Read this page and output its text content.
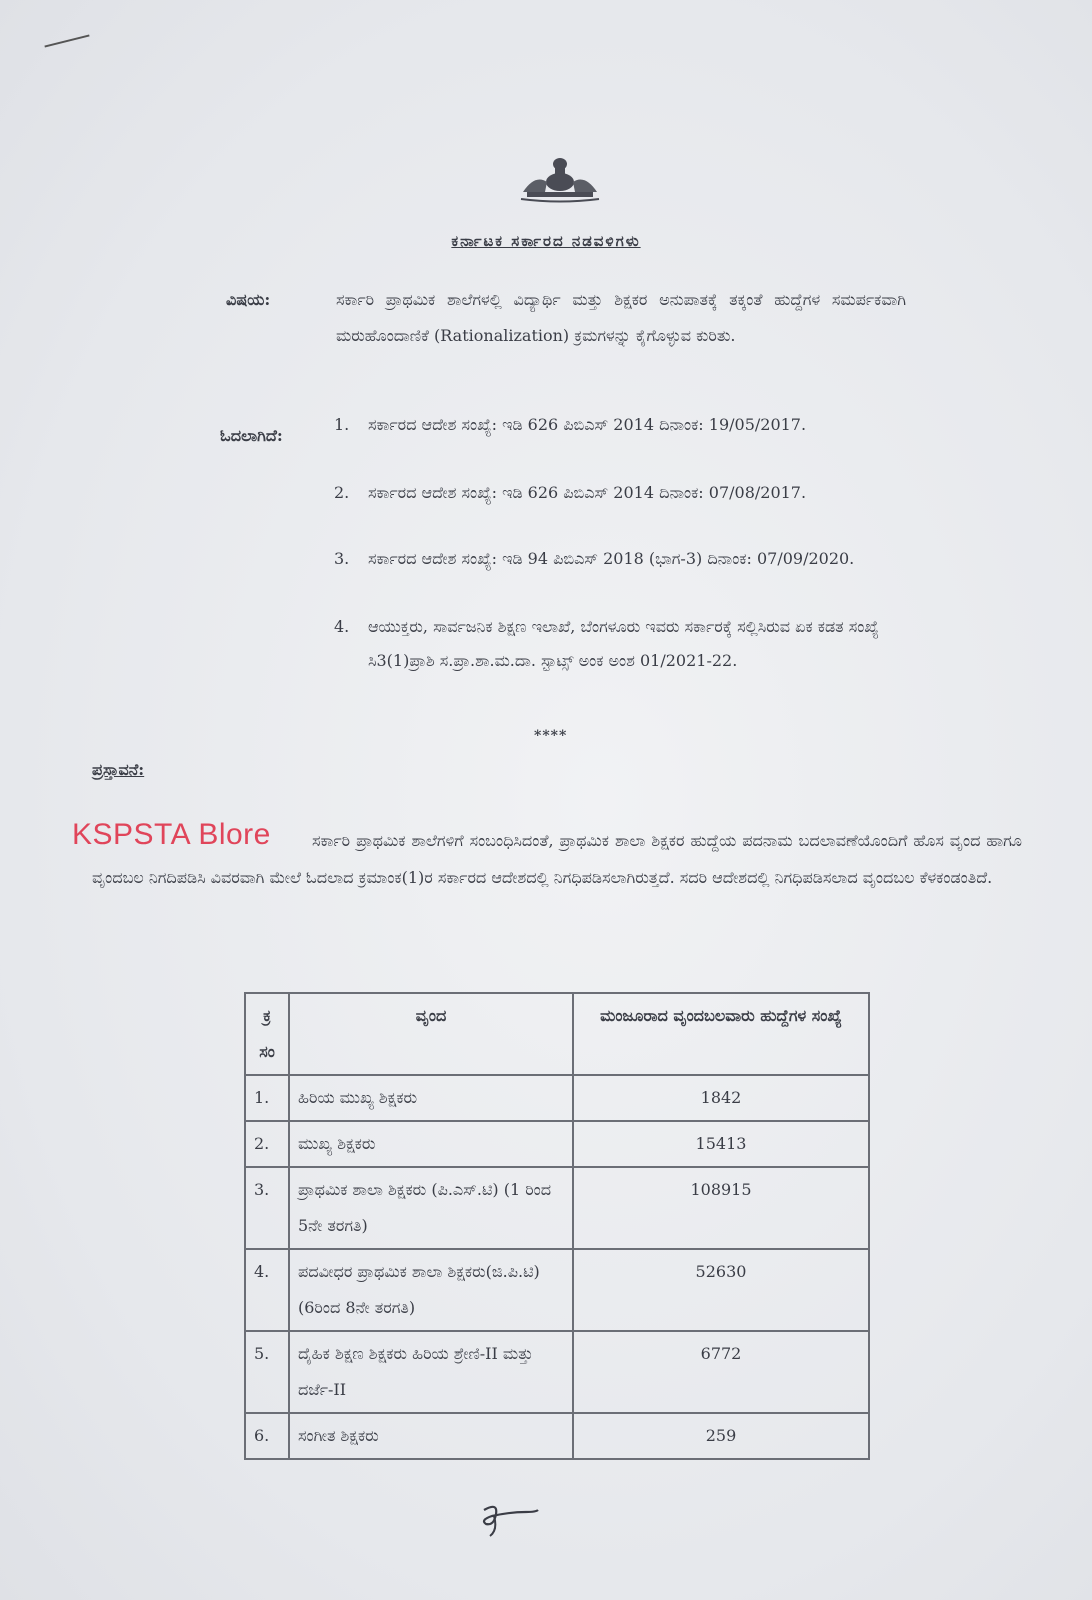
ಕರ್ನಾಟಕ ಸರ್ಕಾರದ ನಡವಳಿಗಳು
ವಿಷಯ:	ಸರ್ಕಾರಿ ಪ್ರಾಥಮಿಕ ಶಾಲೆಗಳಲ್ಲಿ ವಿದ್ಯಾರ್ಥಿ ಮತ್ತು ಶಿಕ್ಷಕರ ಅನುಪಾತಕ್ಕೆ ತಕ್ಕಂತೆ ಹುದ್ದೆಗಳ ಸಮರ್ಪಕವಾಗಿ ಮರುಹೊಂದಾಣಿಕೆ (Rationalization) ಕ್ರಮಗಳನ್ನು ಕೈಗೊಳ್ಳುವ ಕುರಿತು.
ಓದಲಾಗಿದೆ:
1. ಸರ್ಕಾರದ ಆದೇಶ ಸಂಖ್ಯೆ: ಇಡಿ 626 ಪಿಬಿಎಸ್ 2014 ದಿನಾಂಕ: 19/05/2017.
2. ಸರ್ಕಾರದ ಆದೇಶ ಸಂಖ್ಯೆ: ಇಡಿ 626 ಪಿಬಿಎಸ್ 2014 ದಿನಾಂಕ: 07/08/2017.
3. ಸರ್ಕಾರದ ಆದೇಶ ಸಂಖ್ಯೆ: ಇಡಿ 94 ಪಿಬಿಎಸ್ 2018 (ಭಾಗ-3) ದಿನಾಂಕ: 07/09/2020.
4. ಆಯುಕ್ತರು, ಸಾರ್ವಜನಿಕ ಶಿಕ್ಷಣ ಇಲಾಖೆ, ಬೆಂಗಳೂರು ಇವರು ಸರ್ಕಾರಕ್ಕೆ ಸಲ್ಲಿಸಿರುವ ಏಕ ಕಡತ ಸಂಖ್ಯೆ ಸಿ3(1)ಪ್ರಾಶಿ ಸ.ಪ್ರಾ.ಶಾ.ಮ.ದಾ. ಸ್ಟಾಟ್ಸ್ ಅಂಕ ಅಂಶ 01/2021-22.
****
ಪ್ರಸ್ತಾವನೆ:
ಸರ್ಕಾರಿ ಪ್ರಾಥಮಿಕ ಶಾಲೆಗಳಿಗೆ ಸಂಬಂಧಿಸಿದಂತೆ, ಪ್ರಾಥಮಿಕ ಶಾಲಾ ಶಿಕ್ಷಕರ ಹುದ್ದೆಯ ಪದನಾಮ ಬದಲಾವಣೆಯೊಂದಿಗೆ ಹೊಸ ವೃಂದ ಹಾಗೂ ವೃಂದಬಲ ನಿಗದಿಪಡಿಸಿ ವಿವರವಾಗಿ ಮೇಲೆ ಓದಲಾದ ಕ್ರಮಾಂಕ(1)ರ ಸರ್ಕಾರದ ಆದೇಶದಲ್ಲಿ ನಿಗಧಿಪಡಿಸಲಾಗಿರುತ್ತದೆ. ಸದರಿ ಆದೇಶದಲ್ಲಿ ನಿಗಧಿಪಡಿಸಲಾದ ವೃಂದಬಲ ಕೆಳಕಂಡಂತಿದೆ.
KSPSTA Blore
ಕ್ರ ಸಂ	ವೃಂದ	ಮಂಜೂರಾದ ವೃಂದಬಲವಾರು ಹುದ್ದೆಗಳ ಸಂಖ್ಯೆ
1.	ಹಿರಿಯ ಮುಖ್ಯ ಶಿಕ್ಷಕರು	1842
2.	ಮುಖ್ಯ ಶಿಕ್ಷಕರು	15413
3.	ಪ್ರಾಥಮಿಕ ಶಾಲಾ ಶಿಕ್ಷಕರು (ಪಿ.ಎಸ್.ಟಿ) (1 ರಿಂದ 5ನೇ ತರಗತಿ)	108915
4.	ಪದವೀಧರ ಪ್ರಾಥಮಿಕ ಶಾಲಾ ಶಿಕ್ಷಕರು(ಜಿ.ಪಿ.ಟಿ) (6ರಿಂದ 8ನೇ ತರಗತಿ)	52630
5.	ದೈಹಿಕ ಶಿಕ್ಷಣ ಶಿಕ್ಷಕರು ಹಿರಿಯ ಶ್ರೇಣಿ-II ಮತ್ತು ದರ್ಜೆ-II	6772
6.	ಸಂಗೀತ ಶಿಕ್ಷಕರು	259
